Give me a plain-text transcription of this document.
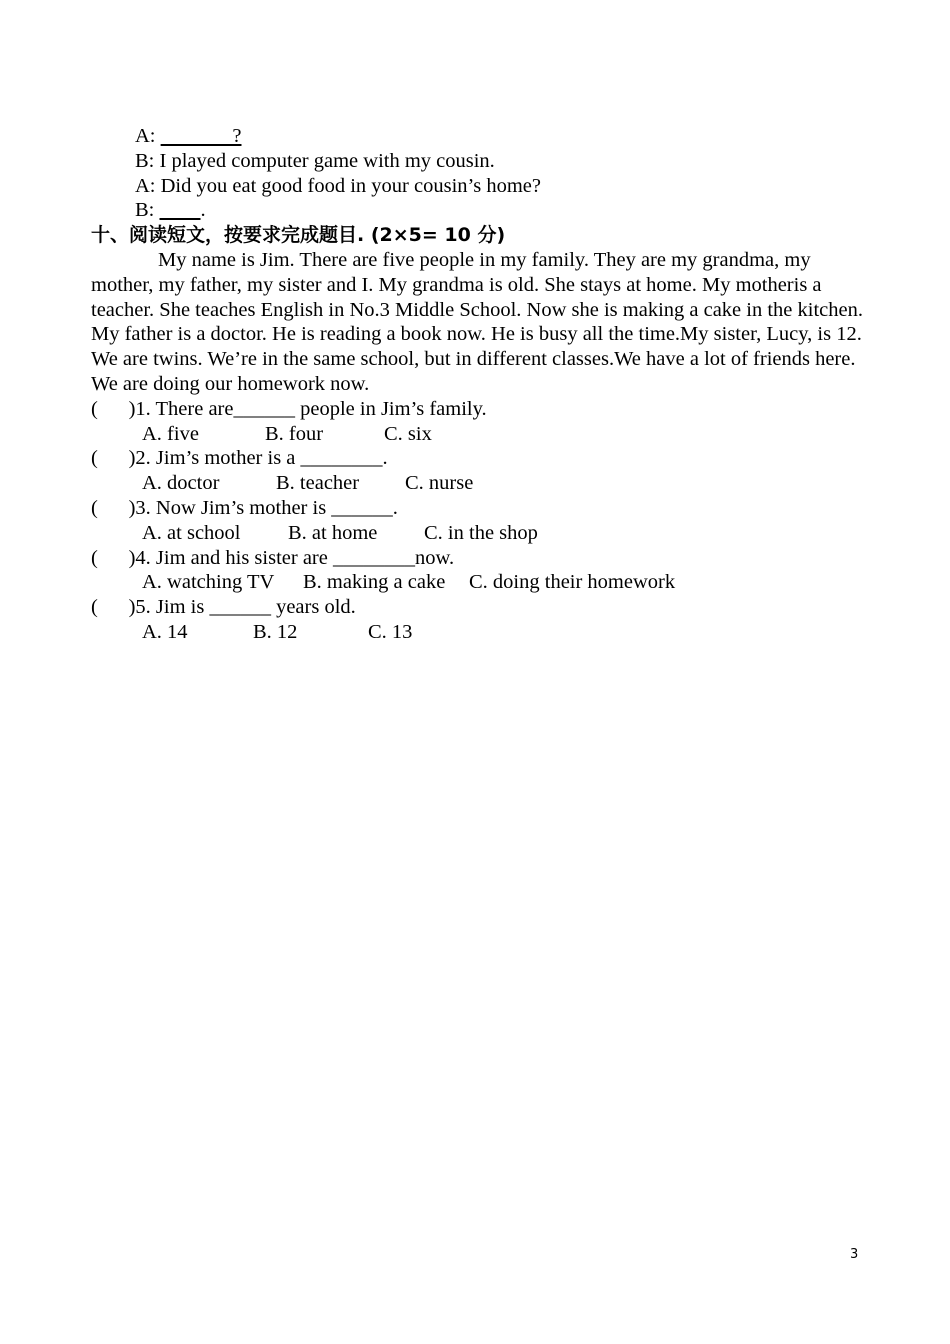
A:               ?
B: I played computer game with my cousin.
A: Did you eat good food in your cousin’s home?
B:         .
十、阅读短文，按要求完成题目. (2×5= 10 分)
My name is Jim. There are five people in my family. They are my grandma, my mother, my father, my sister and I. My grandma is old. She stays at home. My motheris a teacher. She teaches English in No.3 Middle School. Now she is making a cake in the kitchen. My father is a doctor. He is reading a book now. He is busy all the time.My sister, Lucy, is 12. We are twins. We’re in the same school, but in different classes.We have a lot of friends here. We are doing our homework now.
(      )1. There are______ people in Jim’s family.
A. five	B. four	C. six
(      )2. Jim’s mother is a ________.
A. doctor	B. teacher C. nurse
(      )3. Now Jim’s mother is ______.
A. at school B. at home C. in the shop
(      )4. Jim and his sister are ________now.
A. watching TV B. making a cake C. doing their homework
(      )5. Jim is ______ years old.
A. 14	B. 12	C. 13
3
